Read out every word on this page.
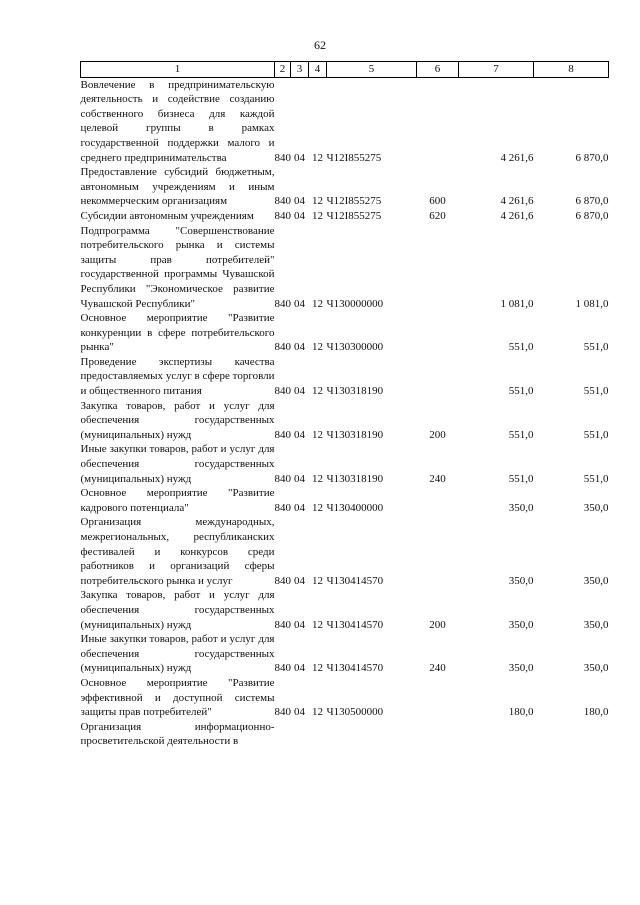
62
1	2	3	4	5	6	7	8
Вовлечение в предпринимательскую деятельность и содействие созданию собственного бизнеса для каждой целевой группы в рамках государственной поддержки малого и среднего предпринимательства	840	04	12	Ч12I855275		4 261,6	6 870,0
Предоставление субсидий бюджетным, автономным учреждениям и иным некоммерческим организациям	840	04	12	Ч12I855275	600	4 261,6	6 870,0
Субсидии автономным учреждениям	840	04	12	Ч12I855275	620	4 261,6	6 870,0
Подпрограмма "Совершенствование потребительского рынка и системы защиты прав потребителей" государственной программы Чувашской Республики "Экономическое развитие Чувашской Республики"	840	04	12	Ч130000000		1 081,0	1 081,0
Основное мероприятие "Развитие конкуренции в сфере потребительского рынка"	840	04	12	Ч130300000		551,0	551,0
Проведение экспертизы качества предоставляемых услуг в сфере торговли и общественного питания	840	04	12	Ч130318190		551,0	551,0
Закупка товаров, работ и услуг для обеспечения государственных (муниципальных) нужд	840	04	12	Ч130318190	200	551,0	551,0
Иные закупки товаров, работ и услуг для обеспечения государственных (муниципальных) нужд	840	04	12	Ч130318190	240	551,0	551,0
Основное мероприятие "Развитие кадрового потенциала"	840	04	12	Ч130400000		350,0	350,0
Организация международных, межрегиональных, республиканских фестивалей и конкурсов среди работников и организаций сферы потребительского рынка и услуг	840	04	12	Ч130414570		350,0	350,0
Закупка товаров, работ и услуг для обеспечения государственных (муниципальных) нужд	840	04	12	Ч130414570	200	350,0	350,0
Иные закупки товаров, работ и услуг для обеспечения государственных (муниципальных) нужд	840	04	12	Ч130414570	240	350,0	350,0
Основное мероприятие "Развитие эффективной и доступной системы защиты прав потребителей"	840	04	12	Ч130500000		180,0	180,0
Организация информационно-просветительской деятельности в							
